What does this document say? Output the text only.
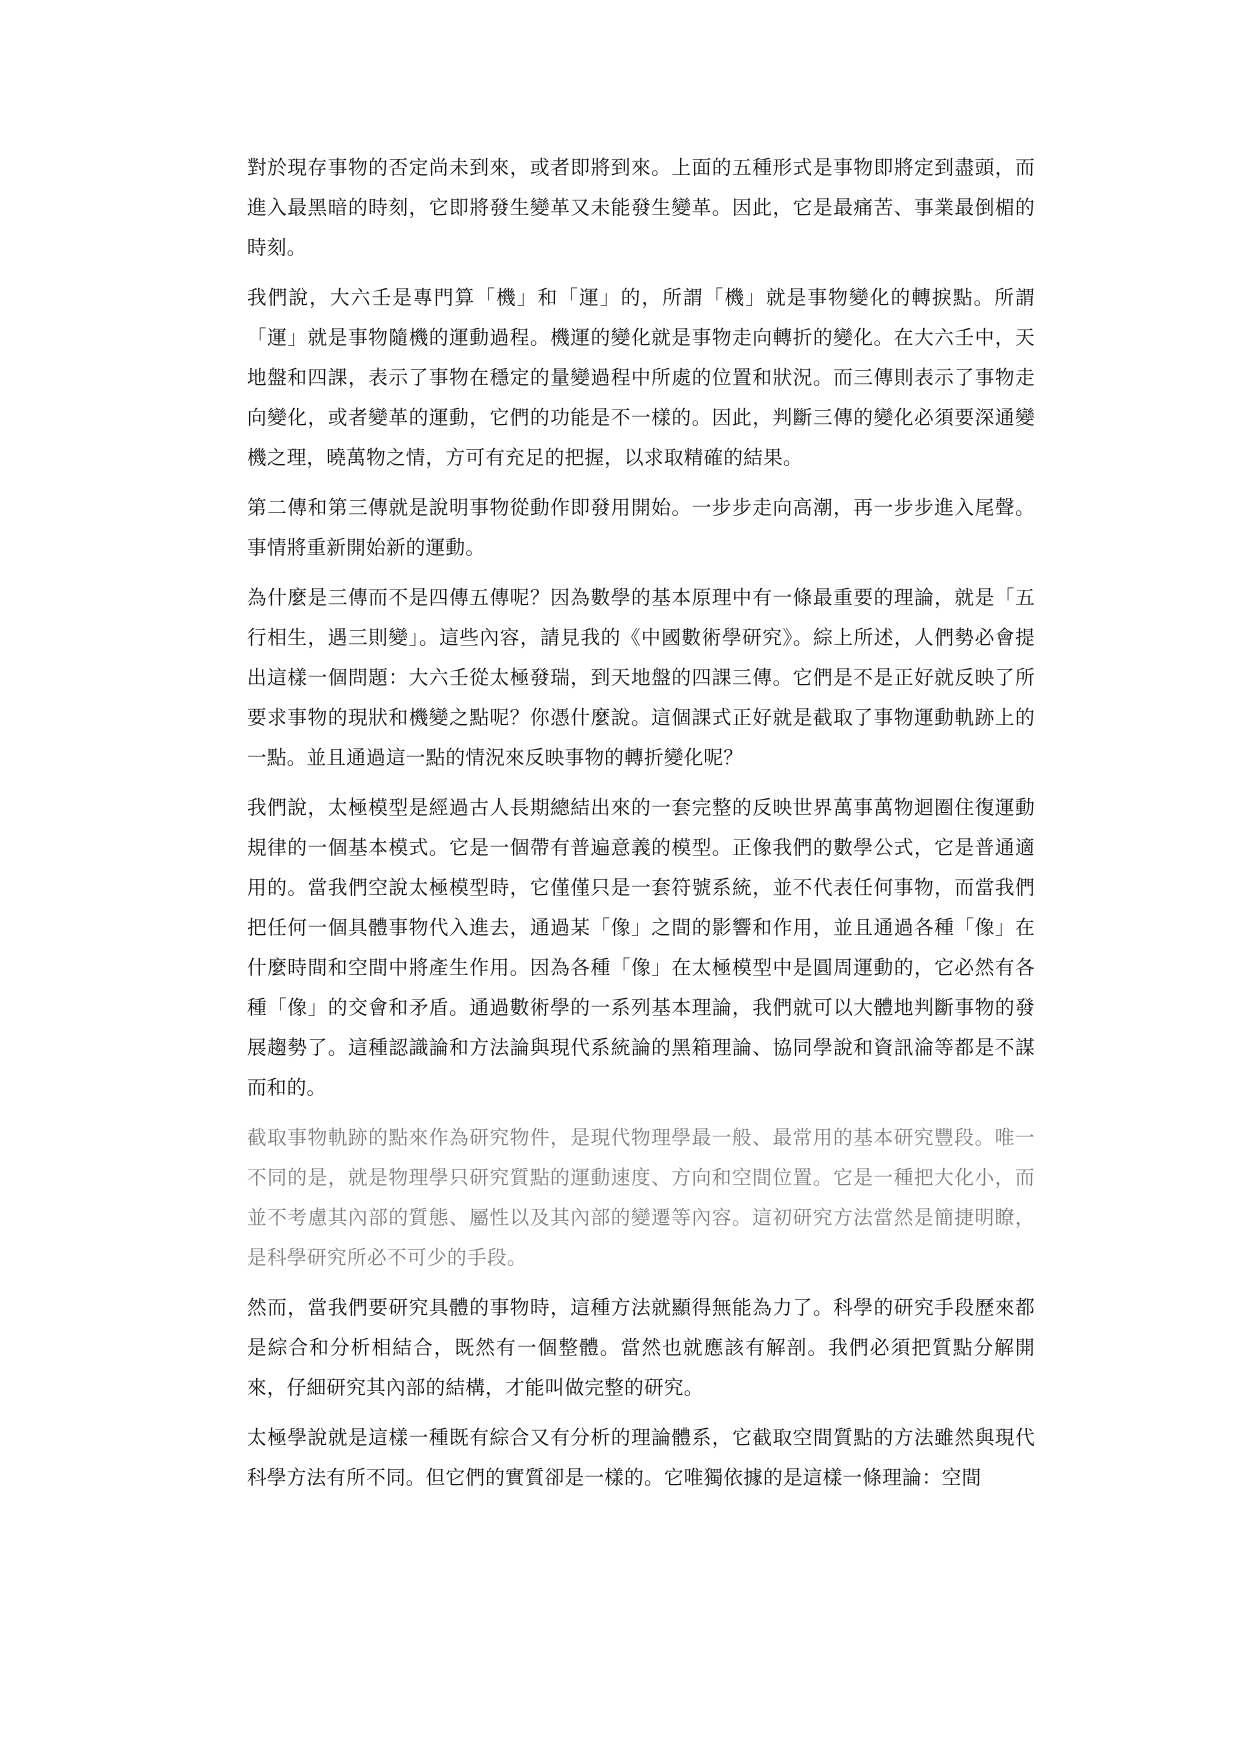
對於現存事物的否定尚未到來，或者即將到來。上面的五種形式是事物即將定到盡頭，而進入最黑暗的時刻，它即將發生變革又未能發生變革。因此，它是最痛苦、事業最倒楣的時刻。

我們說，大六壬是專門算「機」和「運」的，所謂「機」就是事物變化的轉捩點。所謂「運」就是事物隨機的運動過程。機運的變化就是事物走向轉折的變化。在大六壬中，天地盤和四課，表示了事物在穩定的量變過程中所處的位置和狀況。而三傳則表示了事物走向變化，或者變革的運動，它們的功能是不一樣的。因此，判斷三傳的變化必須要深通變機之理，曉萬物之情，方可有充足的把握，以求取精確的結果。

第二傳和第三傳就是說明事物從動作即發用開始。一步步走向高潮，再一步步進入尾聲。事情將重新開始新的運動。

為什麼是三傳而不是四傳五傳呢？因為數學的基本原理中有一條最重要的理論，就是「五行相生，遇三則變」。這些內容，請見我的《中國數術學研究》。綜上所述，人們勢必會提出這樣一個問題：大六壬從太極發瑞，到天地盤的四課三傳。它們是不是正好就反映了所要求事物的現狀和機變之點呢？你憑什麼說。這個課式正好就是截取了事物運動軌跡上的一點。並且通過這一點的情況來反映事物的轉折變化呢？

我們說，太極模型是經過古人長期總結出來的一套完整的反映世界萬事萬物迴圈住復運動規律的一個基本模式。它是一個帶有普遍意義的模型。正像我們的數學公式，它是普通適用的。當我們空說太極模型時，它僅僅只是一套符號系統，並不代表任何事物，而當我們把任何一個具體事物代入進去，通過某「像」之間的影響和作用，並且通過各種「像」在什麼時間和空間中將產生作用。因為各種「像」在太極模型中是圓周運動的，它必然有各種「像」的交會和矛盾。通過數術學的一系列基本理論，我們就可以大體地判斷事物的發展趨勢了。這種認識論和方法論與現代系統論的黑箱理論、協同學說和資訊淪等都是不謀而和的。

截取事物軌跡的點來作為研究物件，是現代物理學最一般、最常用的基本研究豐段。唯一不同的是，就是物理學只研究質點的運動速度、方向和空間位置。它是一種把大化小，而並不考慮其內部的質態、屬性以及其內部的變遷等內容。這初研究方法當然是簡捷明瞭，是科學研究所必不可少的手段。

然而，當我們要研究具體的事物時，這種方法就顯得無能為力了。科學的研究手段歷來都是綜合和分析相結合，既然有一個整體。當然也就應該有解剖。我們必須把質點分解開來，仔細研究其內部的結構，才能叫做完整的研究。

太極學說就是這樣一種既有綜合又有分析的理論體系，它截取空間質點的方法雖然與現代科學方法有所不同。但它們的實質卻是一樣的。它唯獨依據的是這樣一條理論：空間
